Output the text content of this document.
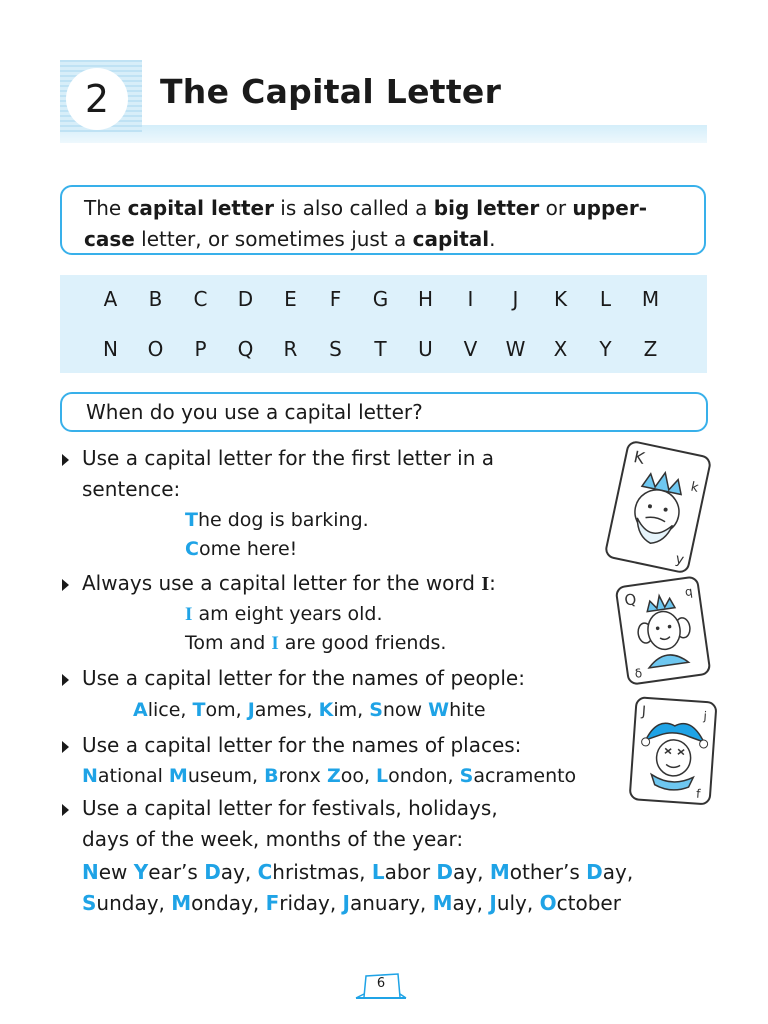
2	The Capital Letter
The capital letter is also called a big letter or upper-
case letter, or sometimes just a capital.
A	B	C	D	E	F	G	H	I	J	K	L	M
N	O	P	Q	R	S	T	U	V	W	X	Y	Z
When do you use a capital letter?
Use a capital letter for the first letter in a
sentence:
The dog is barking.
Come here!
Always use a capital letter for the word I:
I am eight years old.
Tom and I are good friends.
Use a capital letter for the names of people:
Alice, Tom, James, Kim, Snow White
Use a capital letter for the names of places:
National Museum, Bronx Zoo, London, Sacramento
Use a capital letter for festivals, holidays,
days of the week, months of the year:
New Year’s Day, Christmas, Labor Day, Mother’s Day,
Sunday, Monday, Friday, January, May, July, October
K
k
y
Q	q
δ
J	j
f
6
